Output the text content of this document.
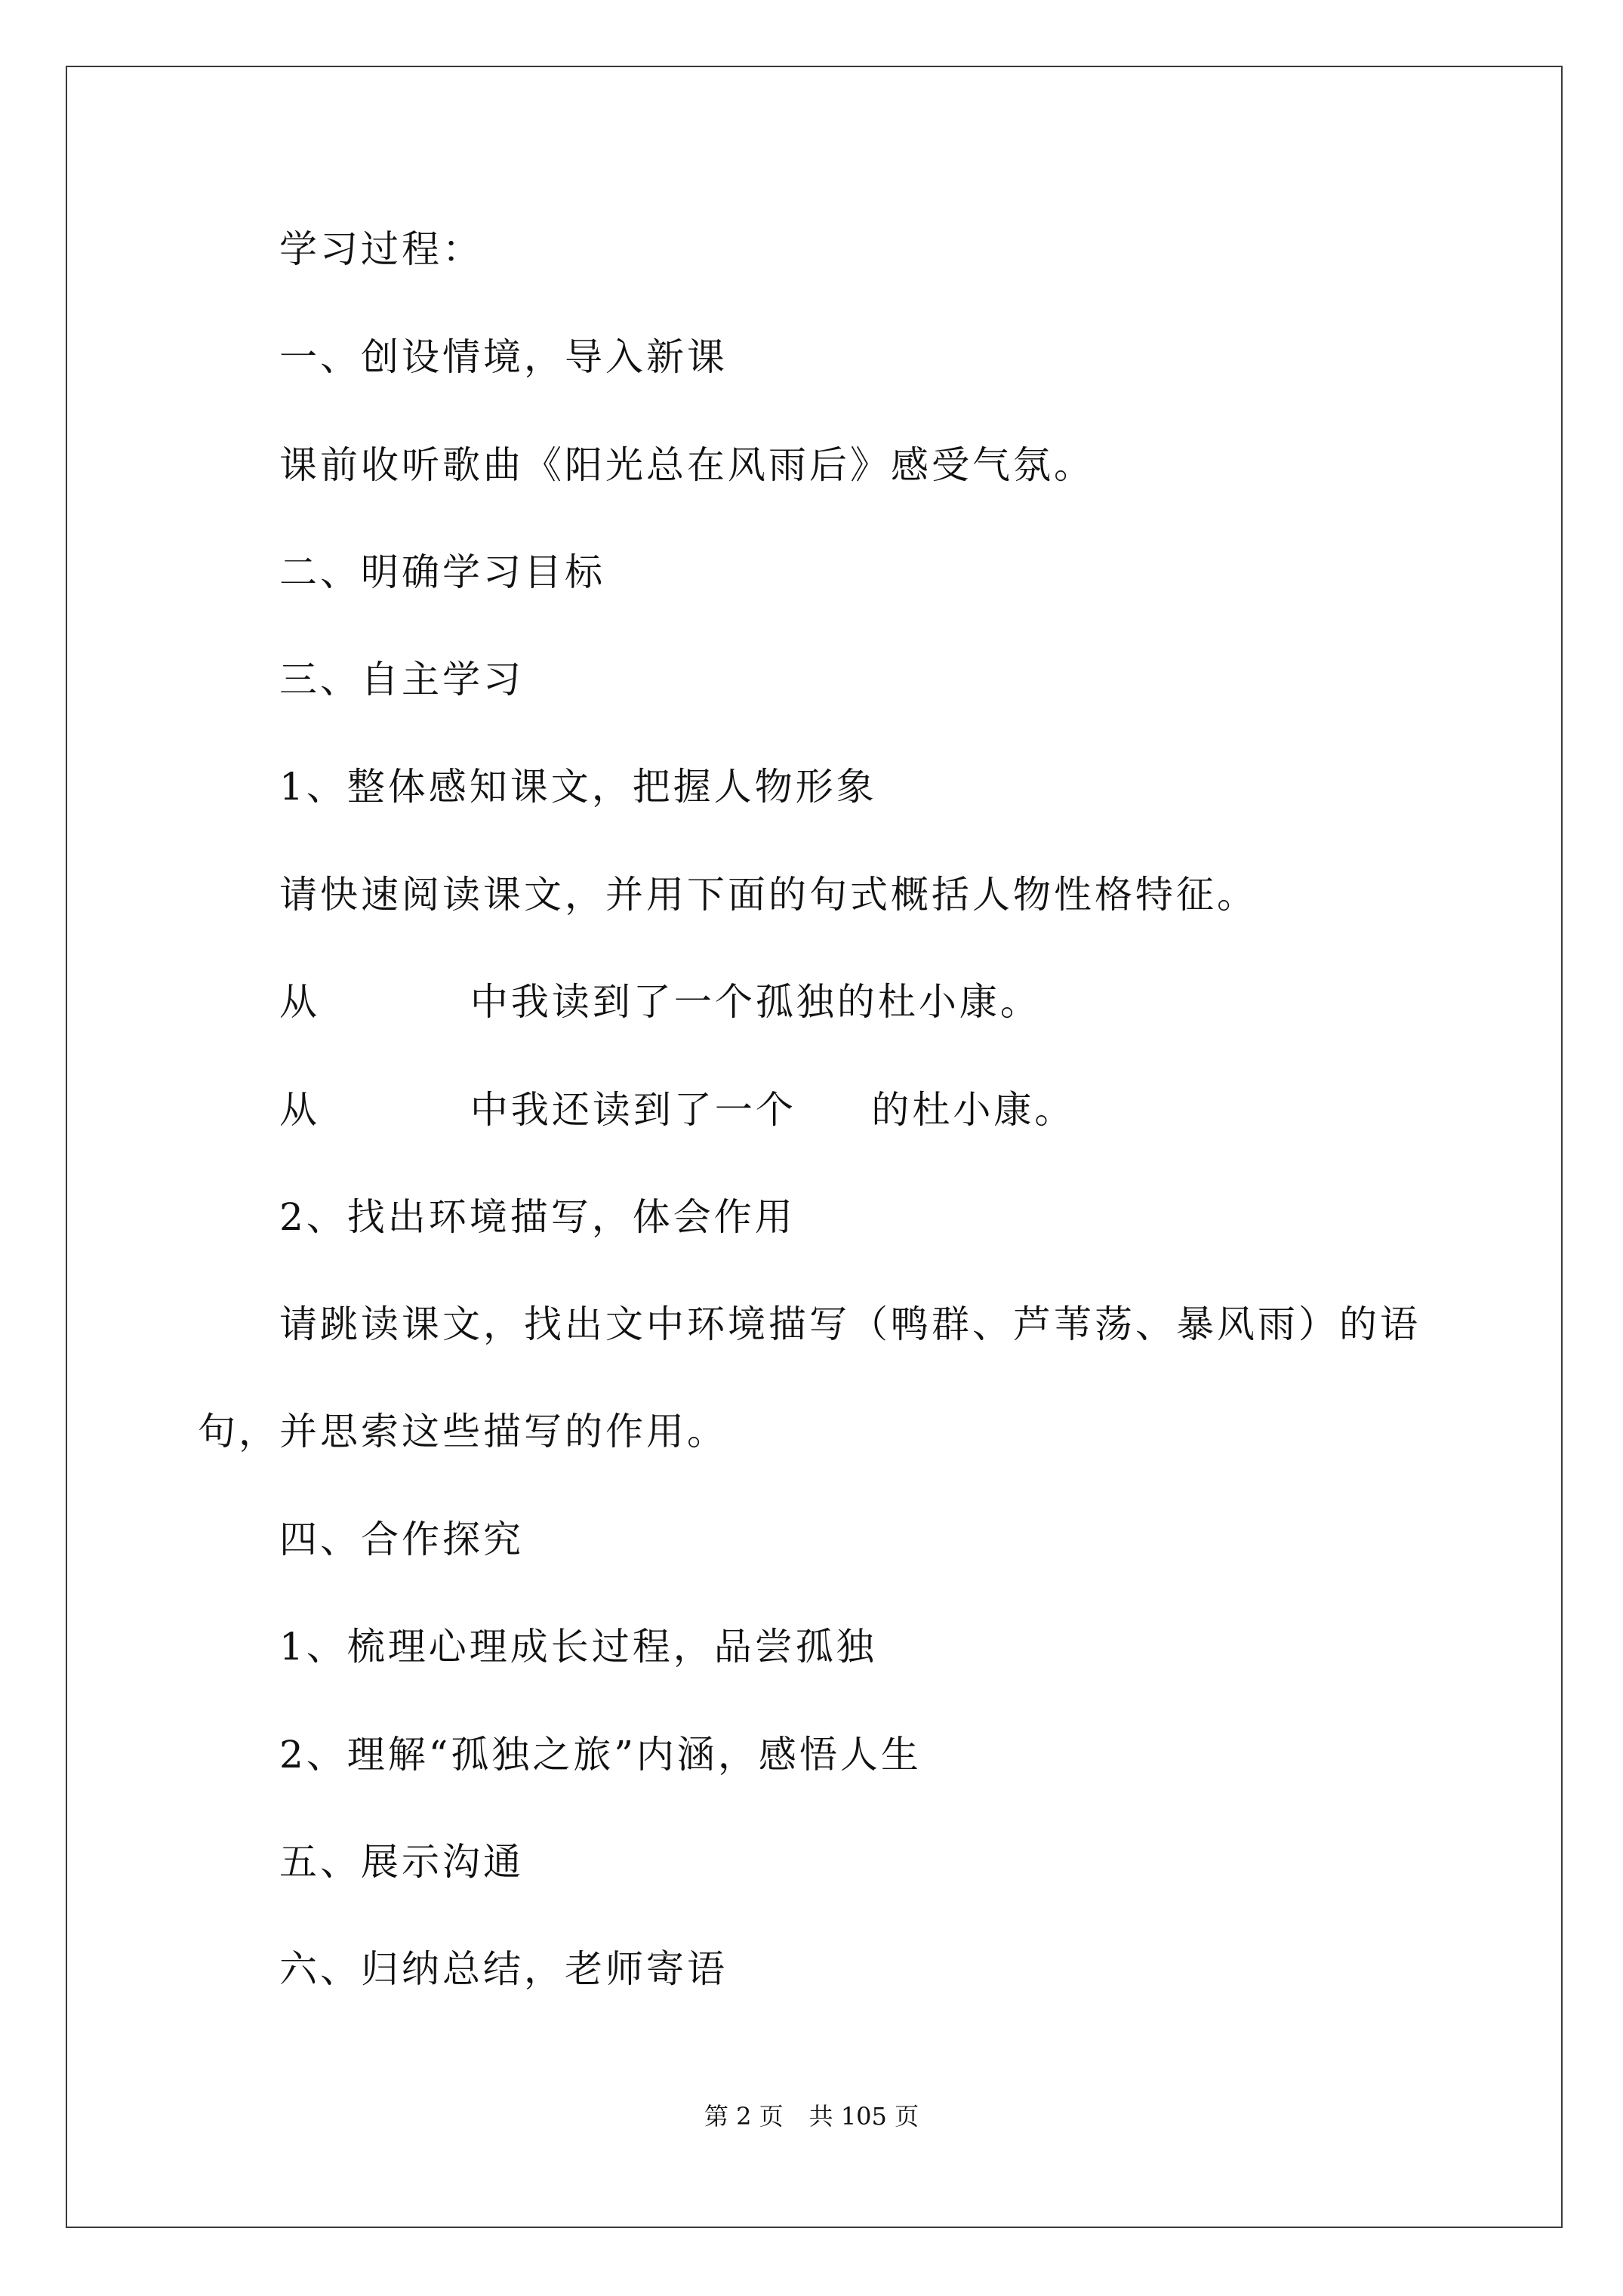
学习过程：

一、创设情境，导入新课

课前收听歌曲《阳光总在风雨后》感受气氛。

二、明确学习目标

三、自主学习

1、整体感知课文，把握人物形象

请快速阅读课文，并用下面的句式概括人物性格特征。

从          中我读到了一个孤独的杜小康。

从          中我还读到了一个     的杜小康。

2、找出环境描写，体会作用

请跳读课文，找出文中环境描写（鸭群、芦苇荡、暴风雨）的语

句，并思索这些描写的作用。

四、合作探究

1、梳理心理成长过程，品尝孤独

2、理解“孤独之旅”内涵，感悟人生

五、展示沟通

六、归纳总结，老师寄语

第 2 页 共 105 页
